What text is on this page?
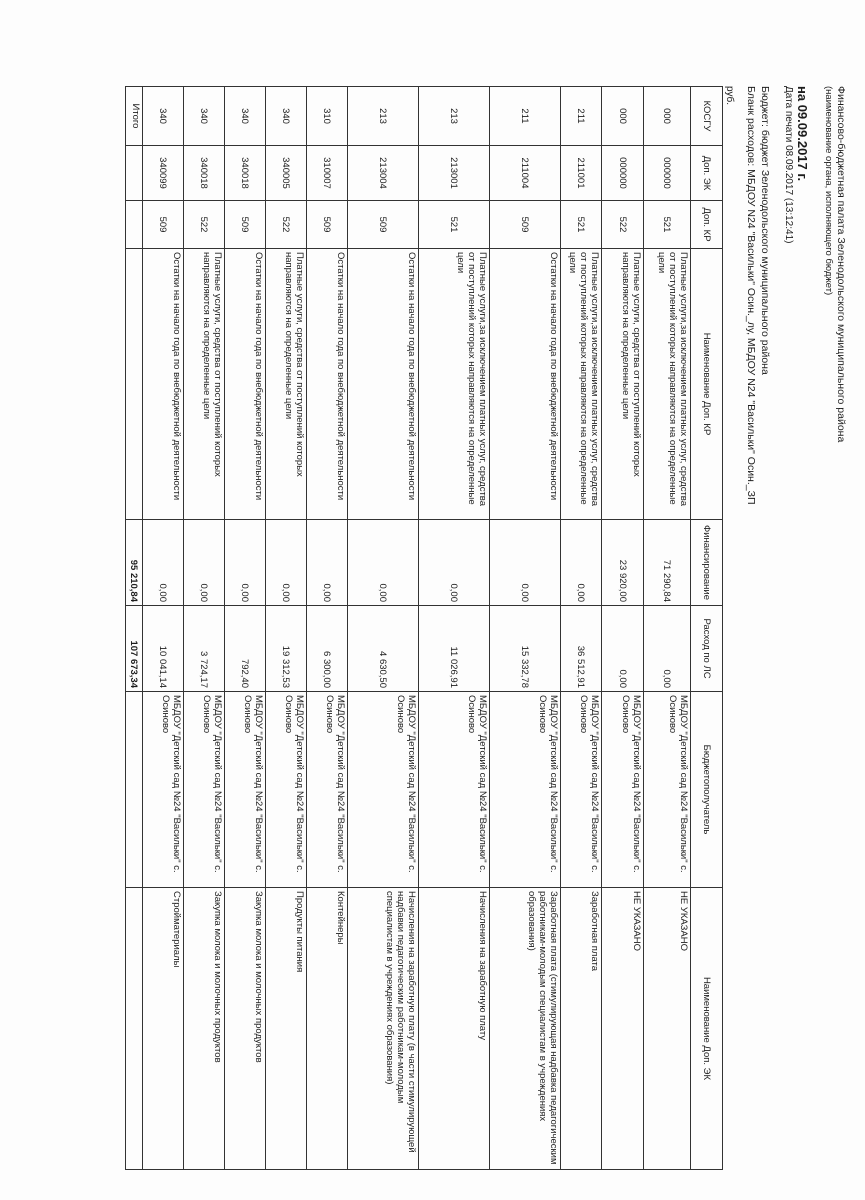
Финансово-бюджетная палата Зеленодольского муниципального района
(наименование органа, исполняющего бюджет)
на 09.09.2017 г.
Дата печати 08.09.2017 (13:12:41)
Бюджет: бюджет Зеленодольского муниципального района
Бланк расходов: МБДОУ N24 "Васильки" Осин._лу, МБДОУ N24 "Васильки" Осин._ЗП
руб.
КОСГУ	Доп. ЭК	Доп. КР	Наименование Доп. КР	Финансирование	Расход по ЛС	Бюджетополучатель	Наименование Доп. ЭК
000	000000	521	Платные услуги,за исключением платных услуг, средства от поступлений которых направляются на определенные цели	71 290,84	0,00	МБДОУ "Детский сад №24 "Васильки" с. Осиново	НЕ УКАЗАНО
000	000000	522	Платные услуги, средства от поступлений которых направляются на определенные цели	23 920,00	0,00	МБДОУ "Детский сад №24 "Васильки" с. Осиново	НЕ УКАЗАНО
211	211001	521	Платные услуги,за исключением платных услуг, средства от поступлений которых направляются на определенные цели	0,00	36 512,91	МБДОУ "Детский сад №24 "Васильки" с. Осиново	Заработная плата
211	211004	509	Остатки на начало года по внебюджетной деятельности	0,00	15 332,78	МБДОУ "Детский сад №24 "Васильки" с. Осиново	Заработная плата (стимулирующая надбавка педагогическим работникам-молодым специалистам в учреждениях образования)
213	213001	521	Платные услуги,за исключением платных услуг, средства от поступлений которых направляются на определенные цели	0,00	11 026,91	МБДОУ "Детский сад №24 "Васильки" с. Осиново	Начисления на заработную плату
213	213004	509	Остатки на начало года по внебюджетной деятельности	0,00	4 630,50	МБДОУ "Детский сад №24 "Васильки" с. Осиново	Начисления на заработную плату (в части стимулирующей надбавки педагогическим работникам-молодым специалистам в учреждениях образования)
310	310007	509	Остатки на начало года по внебюджетной деятельности	0,00	6 300,00	МБДОУ "Детский сад №24 "Васильки" с. Осиново	Контейнеры
340	340005	522	Платные услуги, средства от поступлений которых направляются на определенные цели	0,00	19 312,53	МБДОУ "Детский сад №24 "Васильки" с. Осиново	Продукты питания
340	340018	509	Остатки на начало года по внебюджетной деятельности	0,00	792,40	МБДОУ "Детский сад №24 "Васильки" с. Осиново	Закупка молока и молочных продуктов
340	340018	522	Платные услуги, средства от поступлений которых направляются на определенные цели	0,00	3 724,17	МБДОУ "Детский сад №24 "Васильки" с. Осиново	Закупка молока и молочных продуктов
340	340099	509	Остатки на начало года по внебюджетной деятельности	0,00	10 041,14	МБДОУ "Детский сад №24 "Васильки" с. Осиново	Стройматериалы
Итого				95 210,84	107 673,34		
